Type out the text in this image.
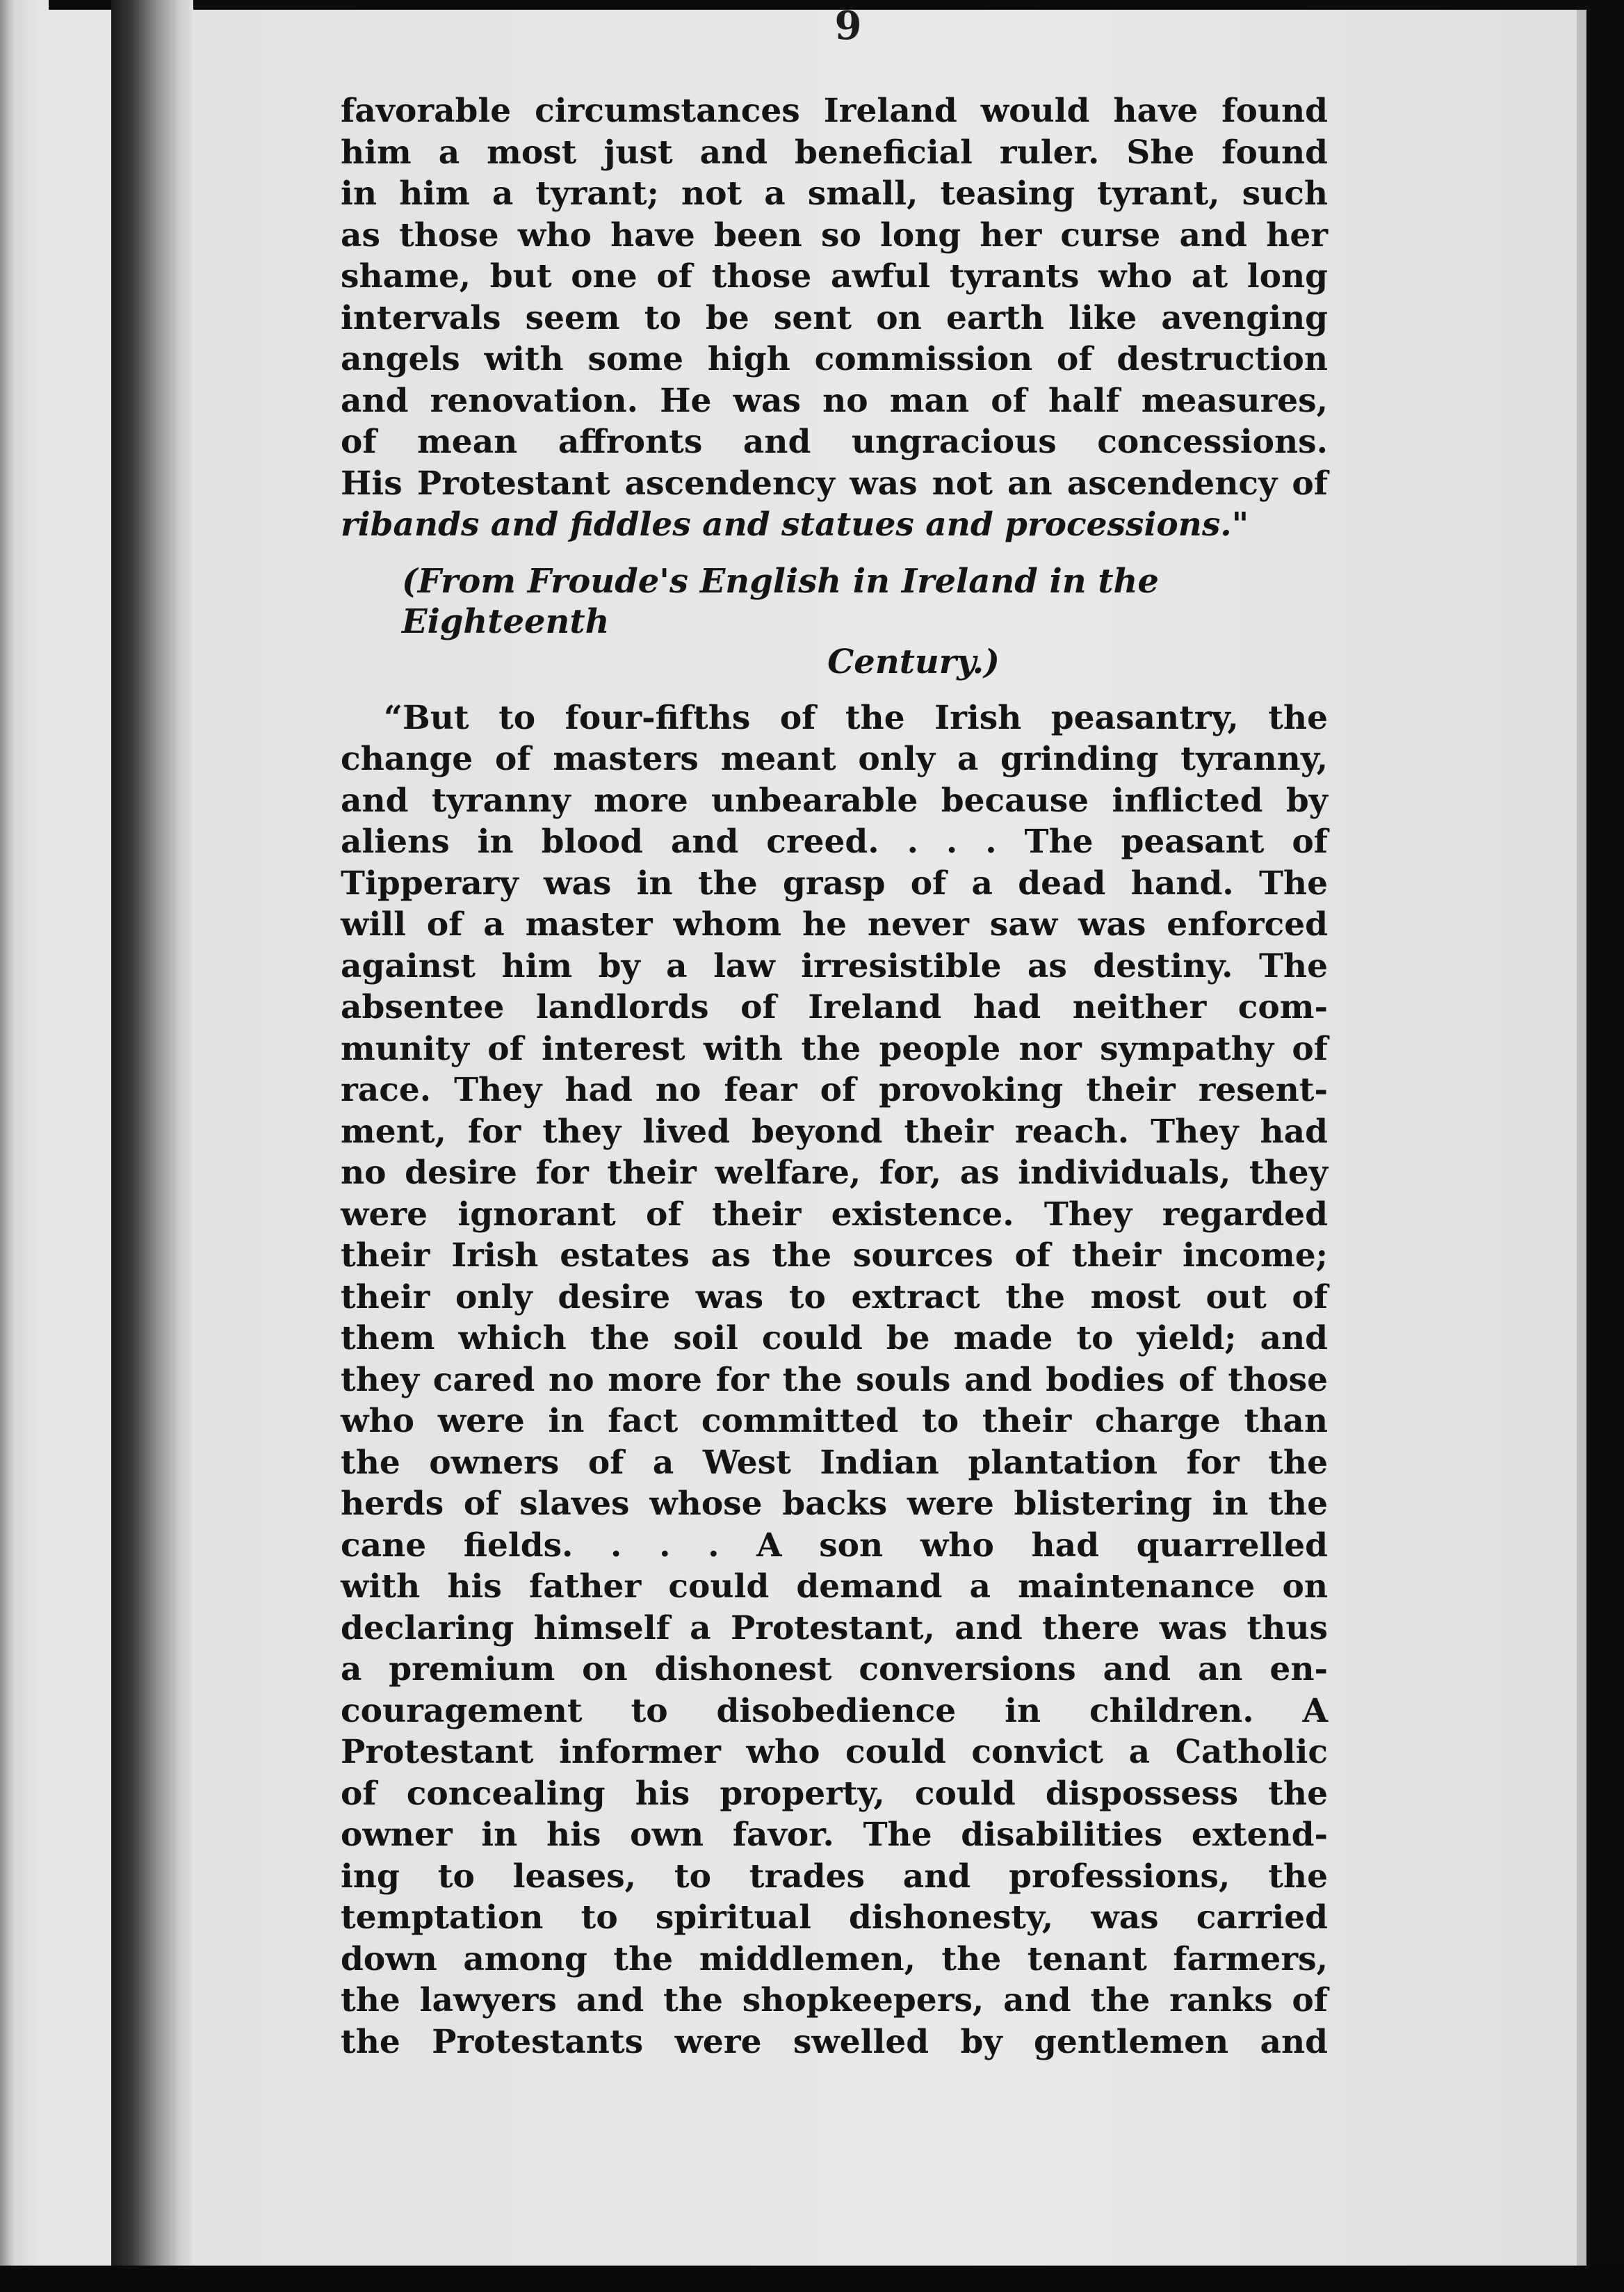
9
favorable circumstances Ireland would have found
him a most just and beneficial ruler. She found
in him a tyrant; not a small, teasing tyrant, such
as those who have been so long her curse and her
shame, but one of those awful tyrants who at long
intervals seem to be sent on earth like avenging
angels with some high commission of destruction
and renovation. He was no man of half measures,
of mean affronts and ungracious concessions.
His Protestant ascendency was not an ascendency of
ribands and fiddles and statues and processions."
(From Froude's English in Ireland in the Eighteenth
Century.)
“But to four-fifths of the Irish peasantry, the
change of masters meant only a grinding tyranny,
and tyranny more unbearable because inflicted by
aliens in blood and creed. . . . The peasant of
Tipperary was in the grasp of a dead hand. The
will of a master whom he never saw was enforced
against him by a law irresistible as destiny. The
absentee landlords of Ireland had neither com-
munity of interest with the people nor sympathy of
race. They had no fear of provoking their resent-
ment, for they lived beyond their reach. They had
no desire for their welfare, for, as individuals, they
were ignorant of their existence. They regarded
their Irish estates as the sources of their income;
their only desire was to extract the most out of
them which the soil could be made to yield; and
they cared no more for the souls and bodies of those
who were in fact committed to their charge than
the owners of a West Indian plantation for the
herds of slaves whose backs were blistering in the
cane fields. . . . A son who had quarrelled
with his father could demand a maintenance on
declaring himself a Protestant, and there was thus
a premium on dishonest conversions and an en-
couragement to disobedience in children. A
Protestant informer who could convict a Catholic
of concealing his property, could dispossess the
owner in his own favor. The disabilities extend-
ing to leases, to trades and professions, the
temptation to spiritual dishonesty, was carried
down among the middlemen, the tenant farmers,
the lawyers and the shopkeepers, and the ranks of
the Protestants were swelled by gentlemen and
